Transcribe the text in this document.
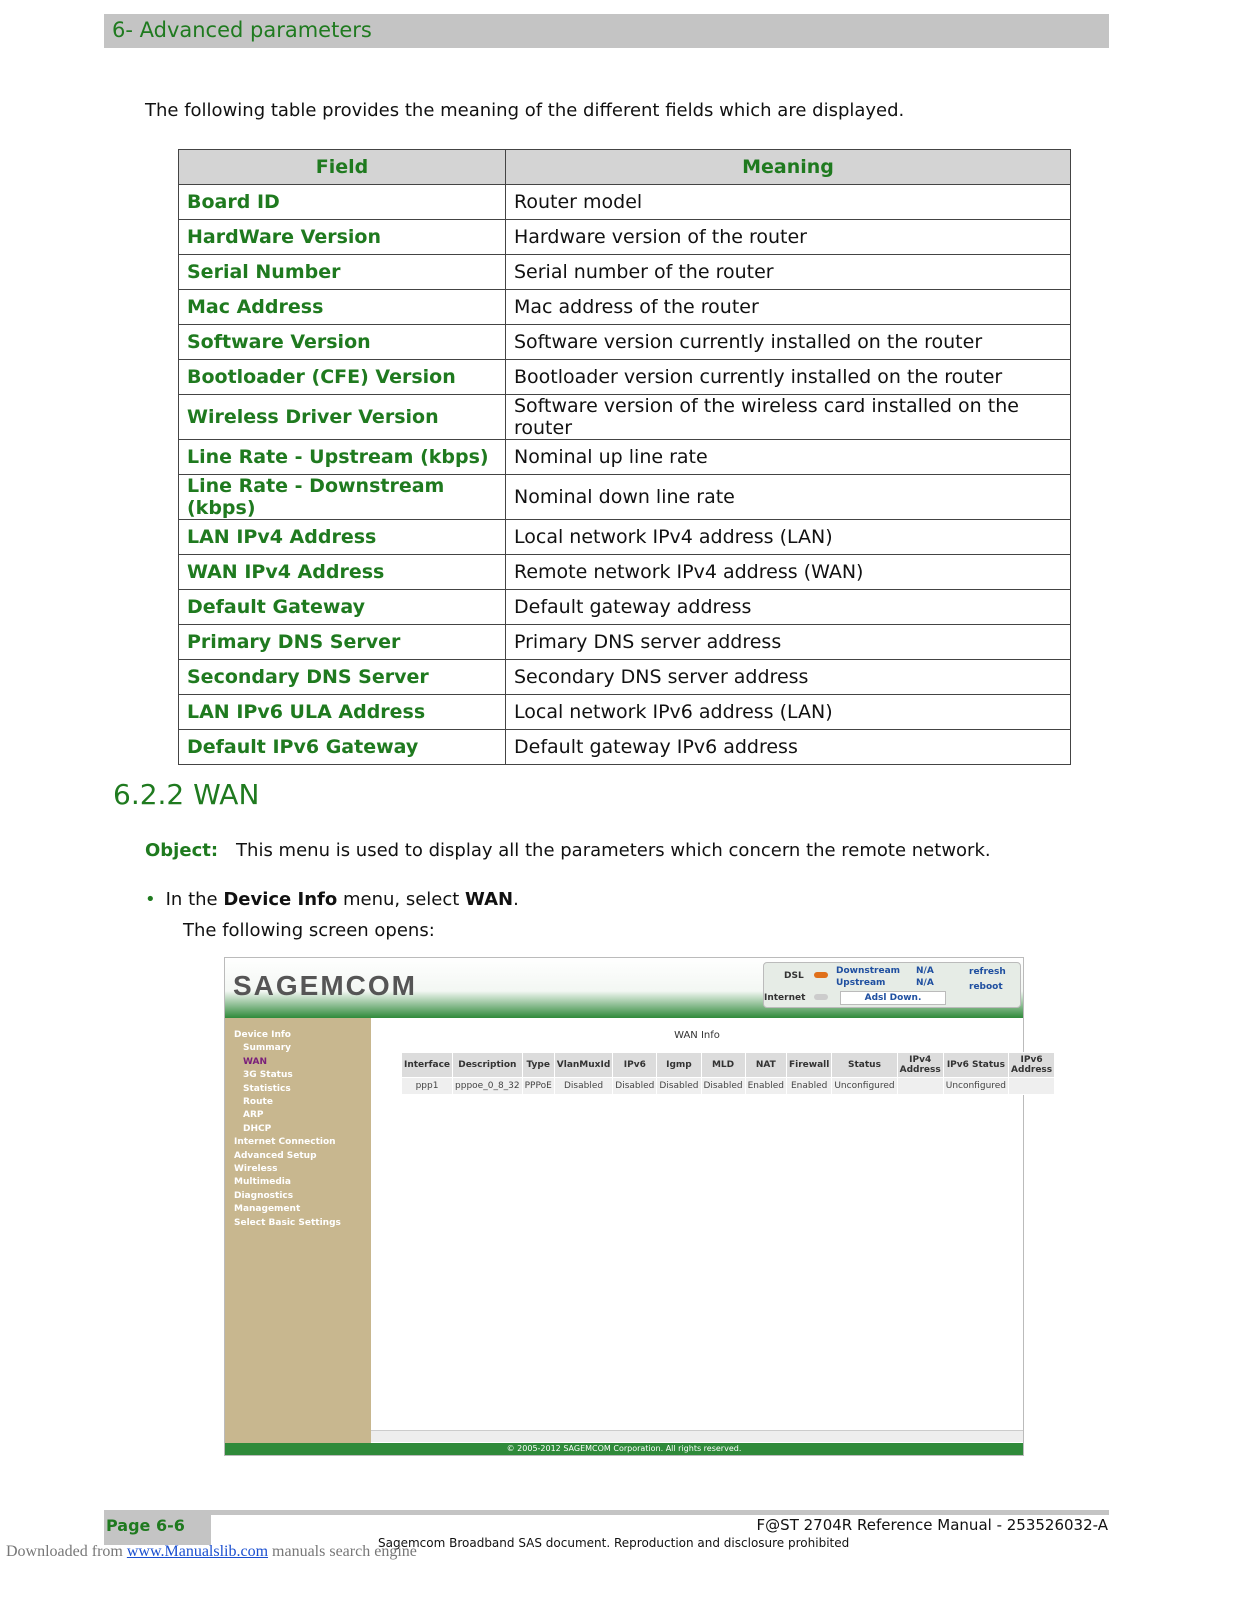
6- Advanced parameters
The following table provides the meaning of the different fields which are displayed.
Field	Meaning
Board ID	Router model
HardWare Version	Hardware version of the router
Serial Number	Serial number of the router
Mac Address	Mac address of the router
Software Version	Software version currently installed on the router
Bootloader (CFE) Version	Bootloader version currently installed on the router
Wireless Driver Version	Software version of the wireless card installed on the router
Line Rate - Upstream (kbps)	Nominal up line rate
Line Rate - Downstream (kbps)	Nominal down line rate
LAN IPv4 Address	Local network IPv4 address (LAN)
WAN IPv4 Address	Remote network IPv4 address (WAN)
Default Gateway	Default gateway address
Primary DNS Server	Primary DNS server address
Secondary DNS Server	Secondary DNS server address
LAN IPv6 ULA Address	Local network IPv6 address (LAN)
Default IPv6 Gateway	Default gateway IPv6 address
6.2.2 WAN
Object: This menu is used to display all the parameters which concern the remote network.
• In the Device Info menu, select WAN.
The following screen opens:
SAGEMCOM	DSL	Downstream
Upstream
N/A
N/A
Internet	Adsl Down.
refresh
reboot
Device Info
Summary
WAN
3G Status
Statistics
Route
ARP
DHCP
Internet Connection
Advanced Setup
Wireless
Multimedia
Diagnostics
Management
Select Basic Settings
WAN Info
Interface	Description	Type	VlanMuxId	IPv6	Igmp	MLD	NAT	Firewall	Status	IPv4 Address	IPv6 Status	IPv6 Address
ppp1	pppoe_0_8_32	PPPoE	Disabled	Disabled	Disabled	Disabled	Enabled	Enabled	Unconfigured		Unconfigured	
© 2005-2012 SAGEMCOM Corporation. All rights reserved.
Page 6-6	F@ST 2704R Reference Manual - 253526032-A
Sagemcom Broadband SAS document. Reproduction and disclosure prohibited
Downloaded from www.Manualslib.com manuals search engine
